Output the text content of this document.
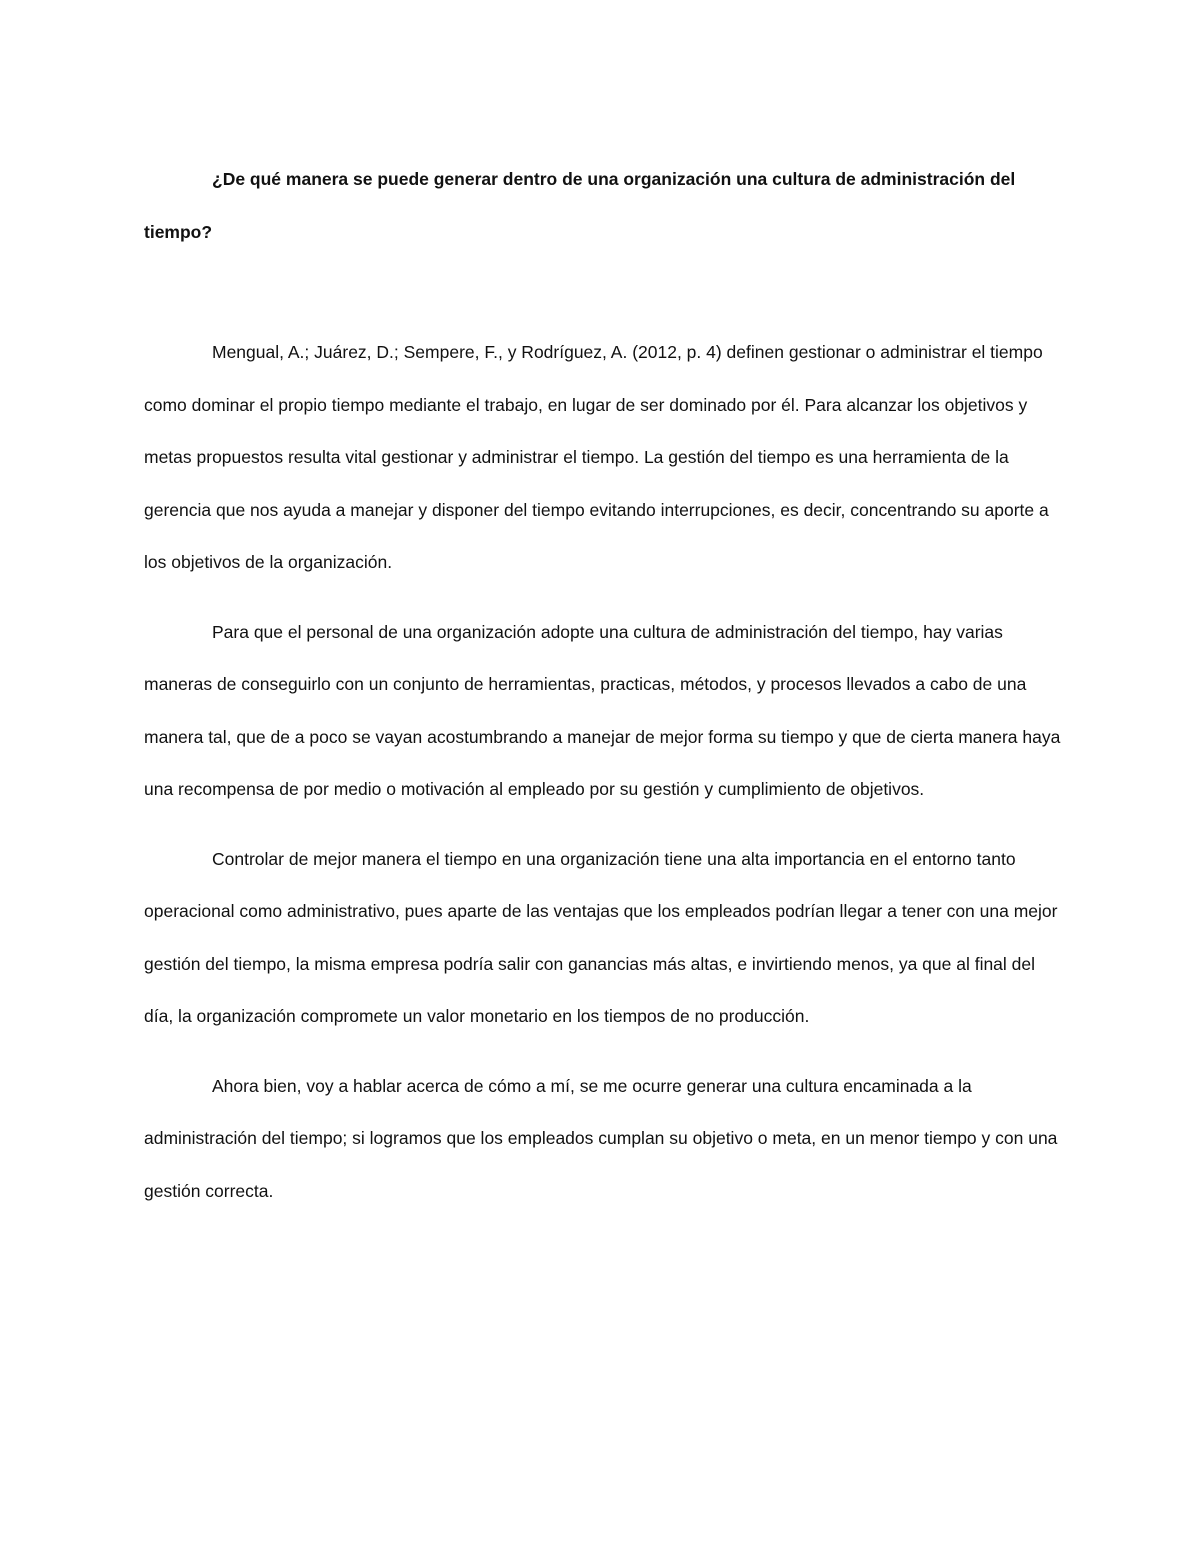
¿De qué manera se puede generar dentro de una organización una cultura de administración del tiempo?

Mengual, A.; Juárez, D.; Sempere, F., y Rodríguez, A. (2012, p. 4) definen gestionar o administrar el tiempo como dominar el propio tiempo mediante el trabajo, en lugar de ser dominado por él. Para alcanzar los objetivos y metas propuestos resulta vital gestionar y administrar el tiempo. La gestión del tiempo es una herramienta de la gerencia que nos ayuda a manejar y disponer del tiempo evitando interrupciones, es decir, concentrando su aporte a los objetivos de la organización.

Para que el personal de una organización adopte una cultura de administración del tiempo, hay varias maneras de conseguirlo con un conjunto de herramientas, practicas, métodos, y procesos llevados a cabo de una manera tal, que de a poco se vayan acostumbrando a manejar de mejor forma su tiempo y que de cierta manera haya una recompensa de por medio o motivación al empleado por su gestión y cumplimiento de objetivos.

Controlar de mejor manera el tiempo en una organización tiene una alta importancia en el entorno tanto operacional como administrativo, pues aparte de las ventajas que los empleados podrían llegar a tener con una mejor gestión del tiempo, la misma empresa podría salir con ganancias más altas, e invirtiendo menos, ya que al final del día, la organización compromete un valor monetario en los tiempos de no producción.

Ahora bien, voy a hablar acerca de cómo a mí, se me ocurre generar una cultura encaminada a la administración del tiempo; si logramos que los empleados cumplan su objetivo o meta, en un menor tiempo y con una gestión correcta.
